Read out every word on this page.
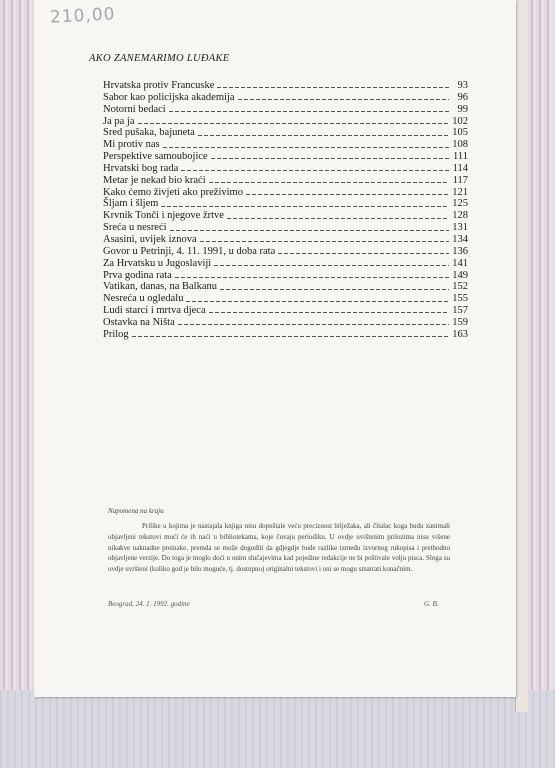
210,00
AKO ZANEMARIMO LUĐAKE
Hrvatska protiv Francuske	93
Sabor kao policijska akademija	96
Notorni bedaci	99
Ja pa ja	102
Sred pušaka, bajuneta	105
Mi protiv nas	108
Perspektive samoubojice	111
Hrvatski bog rada	114
Metar je nekad bio kraći	117
Kako ćemo živjeti ako preživimo	121
Šljam i šljem	125
Krvnik Tonči i njegove žrtve	128
Sreća u nesreći	131
Asasini, uvijek iznova	134
Govor u Petrinji, 4. 11. 1991, u doba rata	136
Za Hrvatsku u Jugoslaviji	141
Prva godina rata	149
Vatikan, danas, na Balkanu	152
Nesreća u ogledalu	155
Ludi starci i mrtva djeca	157
Ostavka na Ništa	159
Prilog	163
Napomena na kraju
Prilike u kojima je nastajala knjiga nisu dopuštale veću preciznost bilježaka, ali čitalac koga budu zanimali objavljeni tekstovi moći će ih naći u bibliotekama, koje čuvaju periodiku. U ovdje uvrštenim prilozima nisu vršene nikakve naknadne preinake, premda se može dogoditi da gdjegdje bude razlike između izvornog rukopisa i prethodno objavljene verzije. Do toga je moglo doći u onim slučajevima kad pojedine redakcije ne bi poštivale volju pisca. Sloga su ovdje uvršteni (koliko god je bilo moguće, tj. dostupno) originalni tekstovi i oni se mogu smatrati konačnim.
Beograd, 24. 1. 1992. godine	G. B.
